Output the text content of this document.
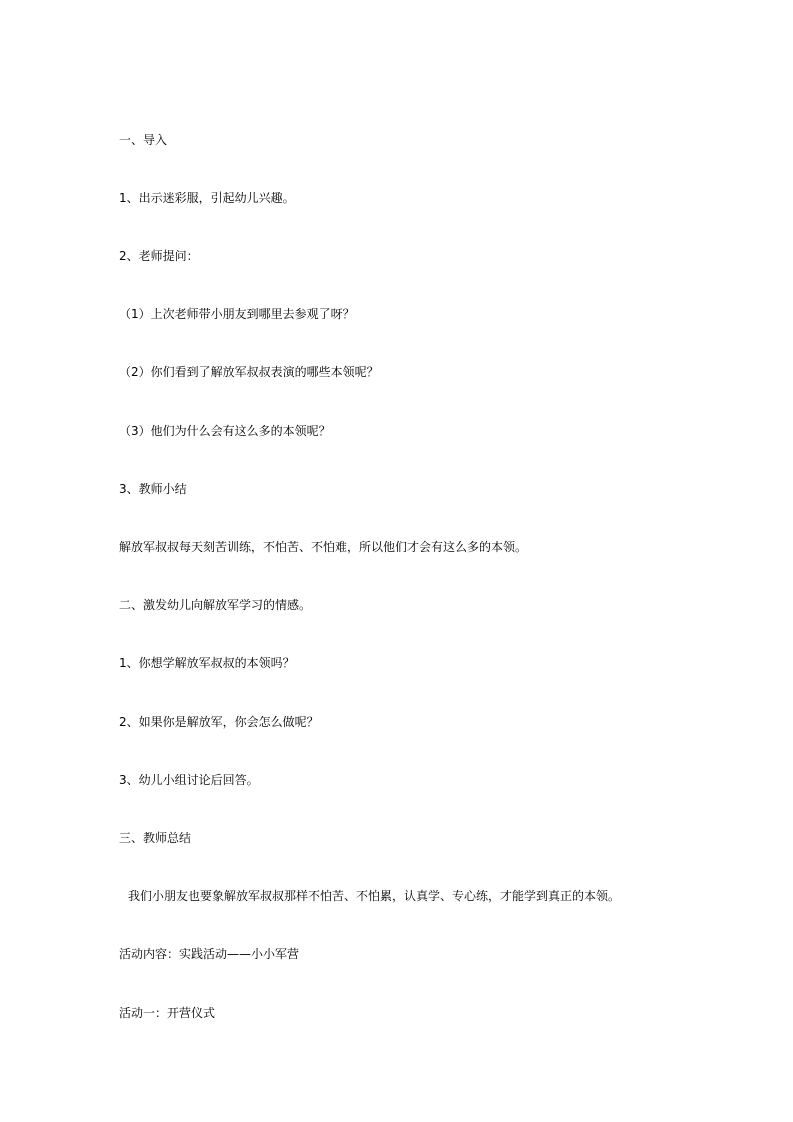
一、导入
1、出示迷彩服，引起幼儿兴趣。
2、老师提问：
（1）上次老师带小朋友到哪里去参观了呀？
（2）你们看到了解放军叔叔表演的哪些本领呢？
（3）他们为什么会有这么多的本领呢？
3、教师小结
解放军叔叔每天刻苦训练，不怕苦、不怕难，所以他们才会有这么多的本领。
二、激发幼儿向解放军学习的情感。
1、你想学解放军叔叔的本领吗？
2、如果你是解放军，你会怎么做呢？
3、幼儿小组讨论后回答。
三、教师总结
我们小朋友也要象解放军叔叔那样不怕苦、不怕累，认真学、专心练，才能学到真正的本领。
活动内容：实践活动——小小军营
活动一：开营仪式
